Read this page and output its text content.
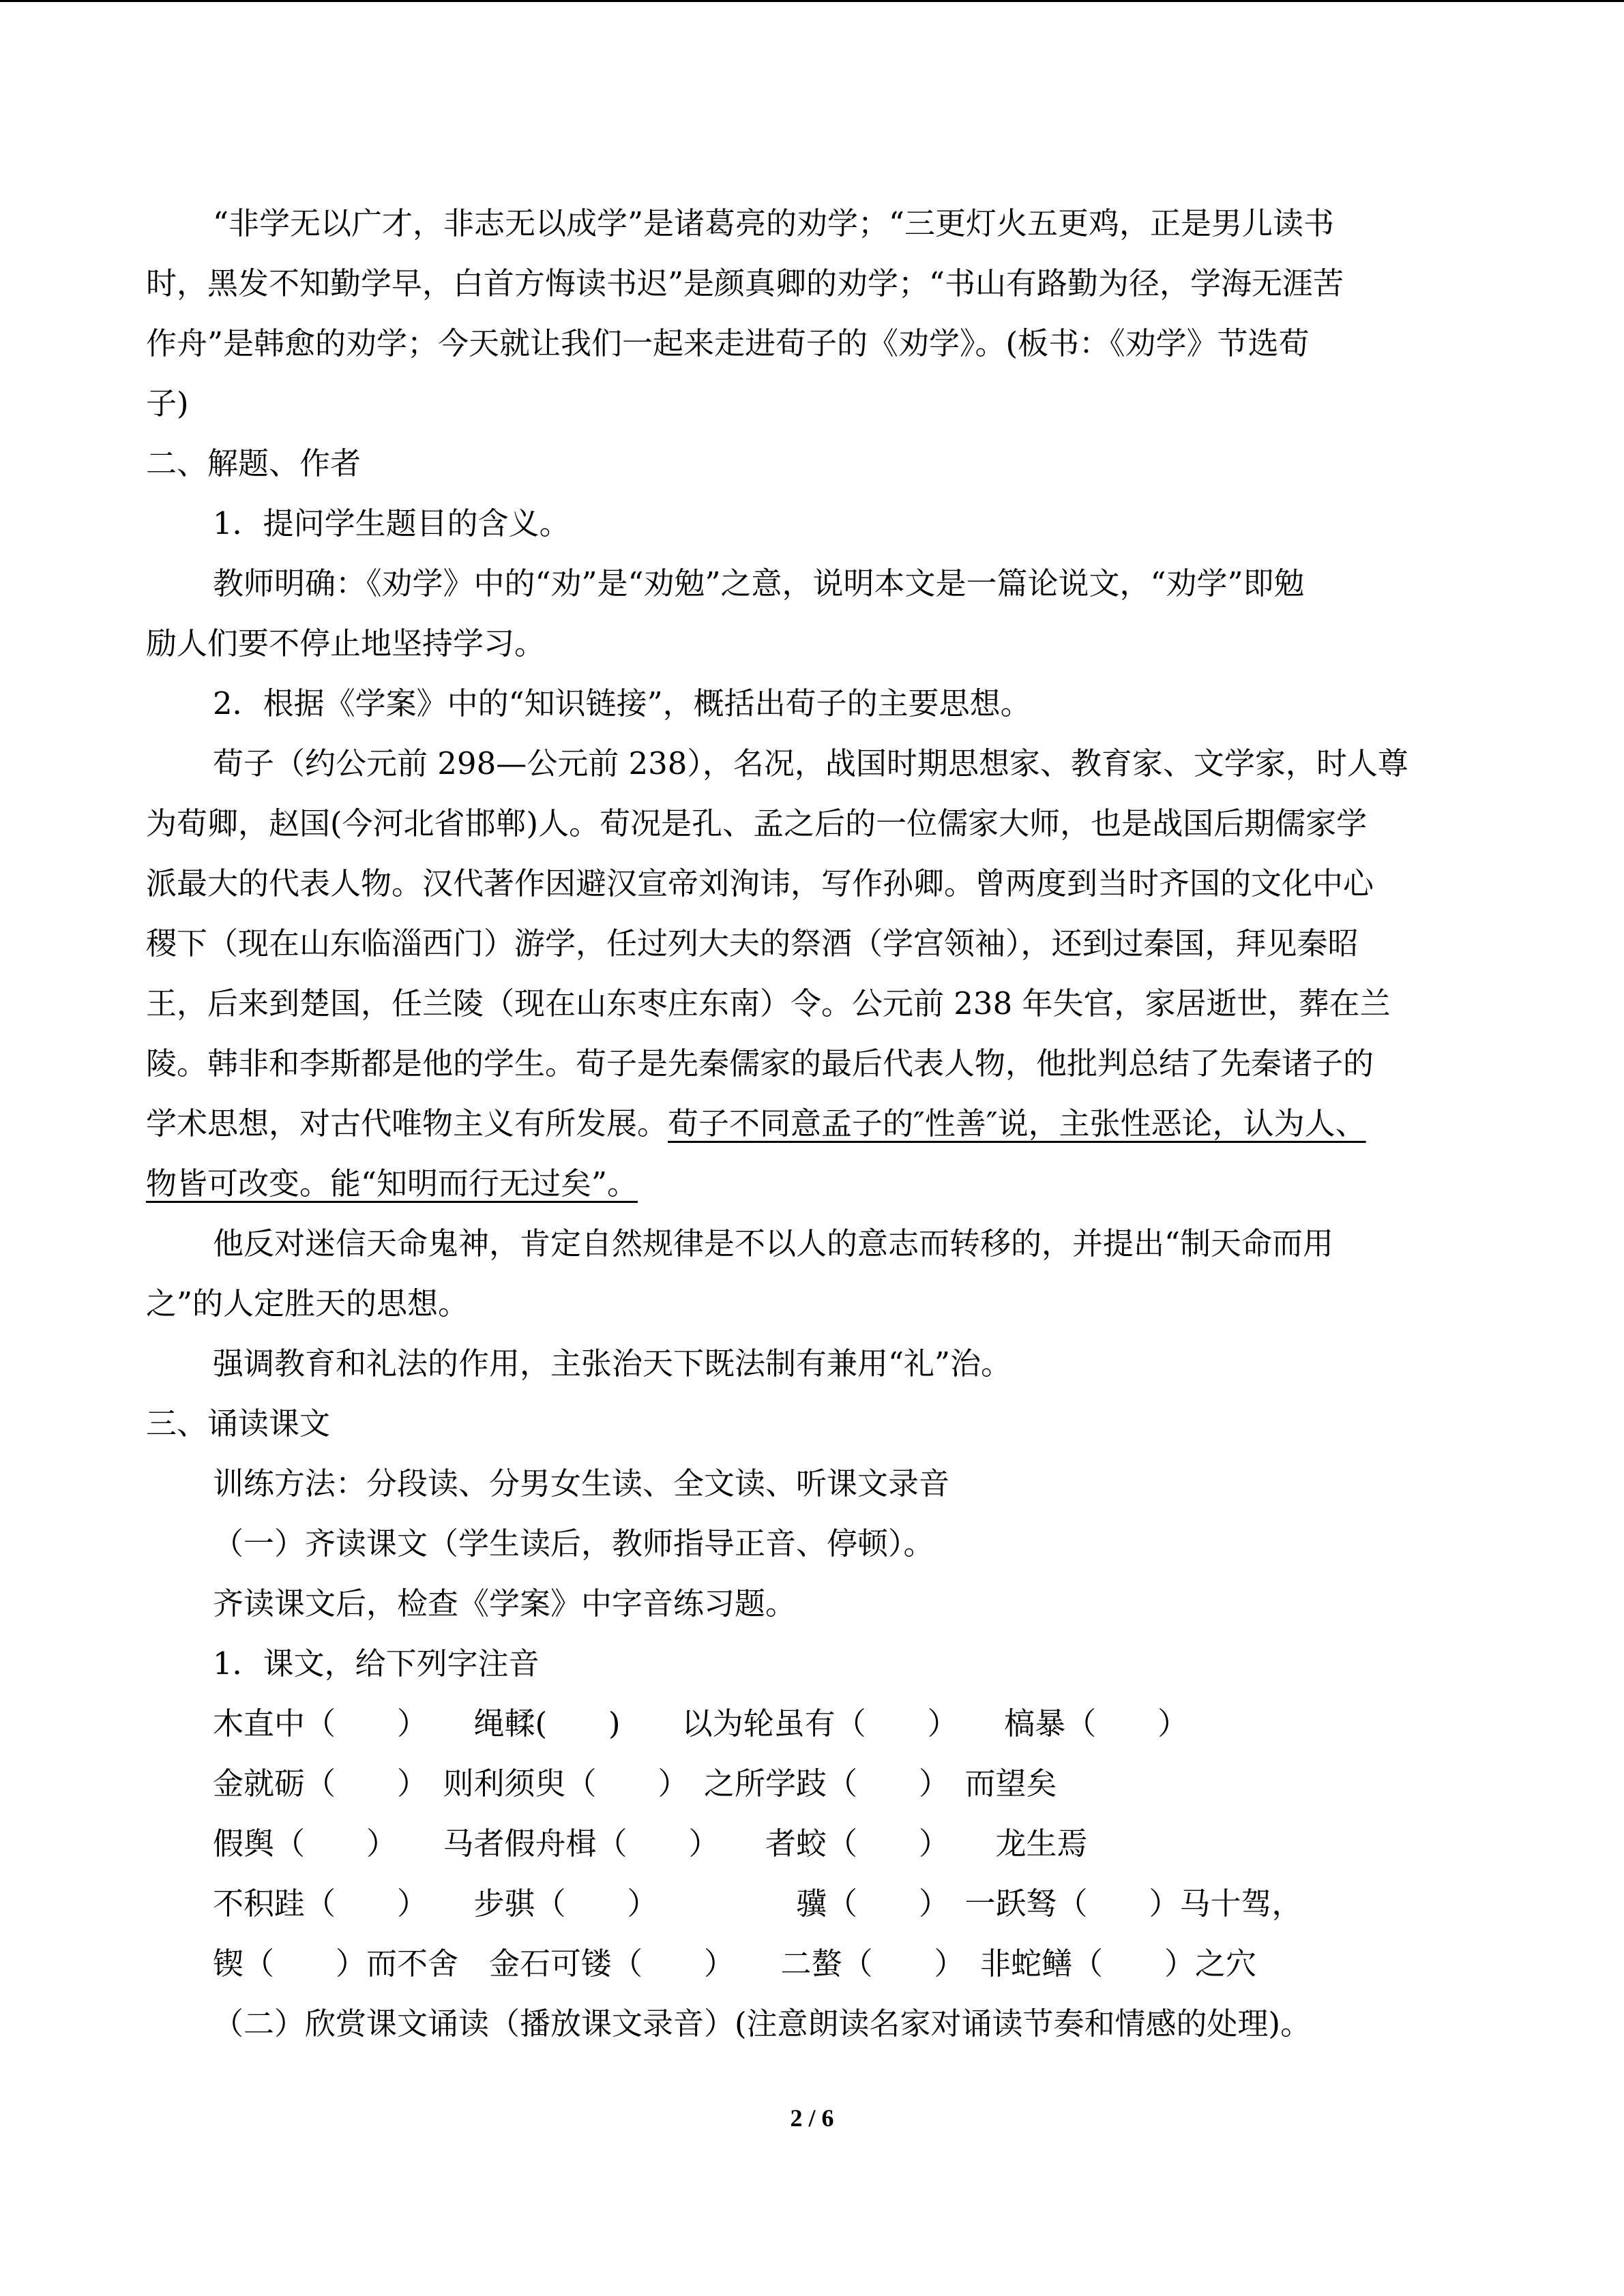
“非学无以广才，非志无以成学”是诸葛亮的劝学；“三更灯火五更鸡，正是男儿读书
时，黑发不知勤学早，白首方悔读书迟”是颜真卿的劝学；“书山有路勤为径，学海无涯苦
作舟”是韩愈的劝学；今天就让我们一起来走进荀子的《劝学》。(板书：《劝学》节选荀
子)
二、解题、作者
1．提问学生题目的含义。
教师明确：《劝学》中的“劝”是“劝勉”之意，说明本文是一篇论说文，“劝学”即勉
励人们要不停止地坚持学习。
2．根据《学案》中的“知识链接”，概括出荀子的主要思想。
荀子（约公元前 298—公元前 238），名况，战国时期思想家、教育家、文学家，时人尊
为荀卿，赵国(今河北省邯郸)人。荀况是孔、孟之后的一位儒家大师，也是战国后期儒家学
派最大的代表人物。汉代著作因避汉宣帝刘洵讳，写作孙卿。曾两度到当时齐国的文化中心
稷下（现在山东临淄西门）游学，任过列大夫的祭酒（学宫领袖），还到过秦国，拜见秦昭
王，后来到楚国，任兰陵（现在山东枣庄东南）令。公元前 238 年失官，家居逝世，葬在兰
陵。韩非和李斯都是他的学生。荀子是先秦儒家的最后代表人物，他批判总结了先秦诸子的
学术思想，对古代唯物主义有所发展。荀子不同意孟子的″性善″说，主张性恶论，认为人、
物皆可改变。能“知明而行无过矣”。
他反对迷信天命鬼神，肯定自然规律是不以人的意志而转移的，并提出“制天命而用
之”的人定胜天的思想。
强调教育和礼法的作用，主张治天下既法制有兼用“礼”治。
三、诵读课文
训练方法：分段读、分男女生读、全文读、听课文录音
（一）齐读课文（学生读后，教师指导正音、停顿）。
齐读课文后，检查《学案》中字音练习题。
1．课文，给下列字注音
木直中（　　）　　绳輮(　　)　　以为轮虽有（　　）　　槁暴（　　）
金就砺（　　）　则利须臾（　　）　之所学跂（　　）　而望矣
假舆（　　）　　马者假舟楫（　　）　　者蛟（　　）　　龙生焉
不积跬（　　）　　步骐（　　）　　　　　骥（　　）　一跃驽（　　）马十驾，
锲（　　）而不舍　金石可镂（　　）　　二螯（　　）　非蛇鳝（　　）之穴
（二）欣赏课文诵读（播放课文录音）(注意朗读名家对诵读节奏和情感的处理)。
2 / 6
